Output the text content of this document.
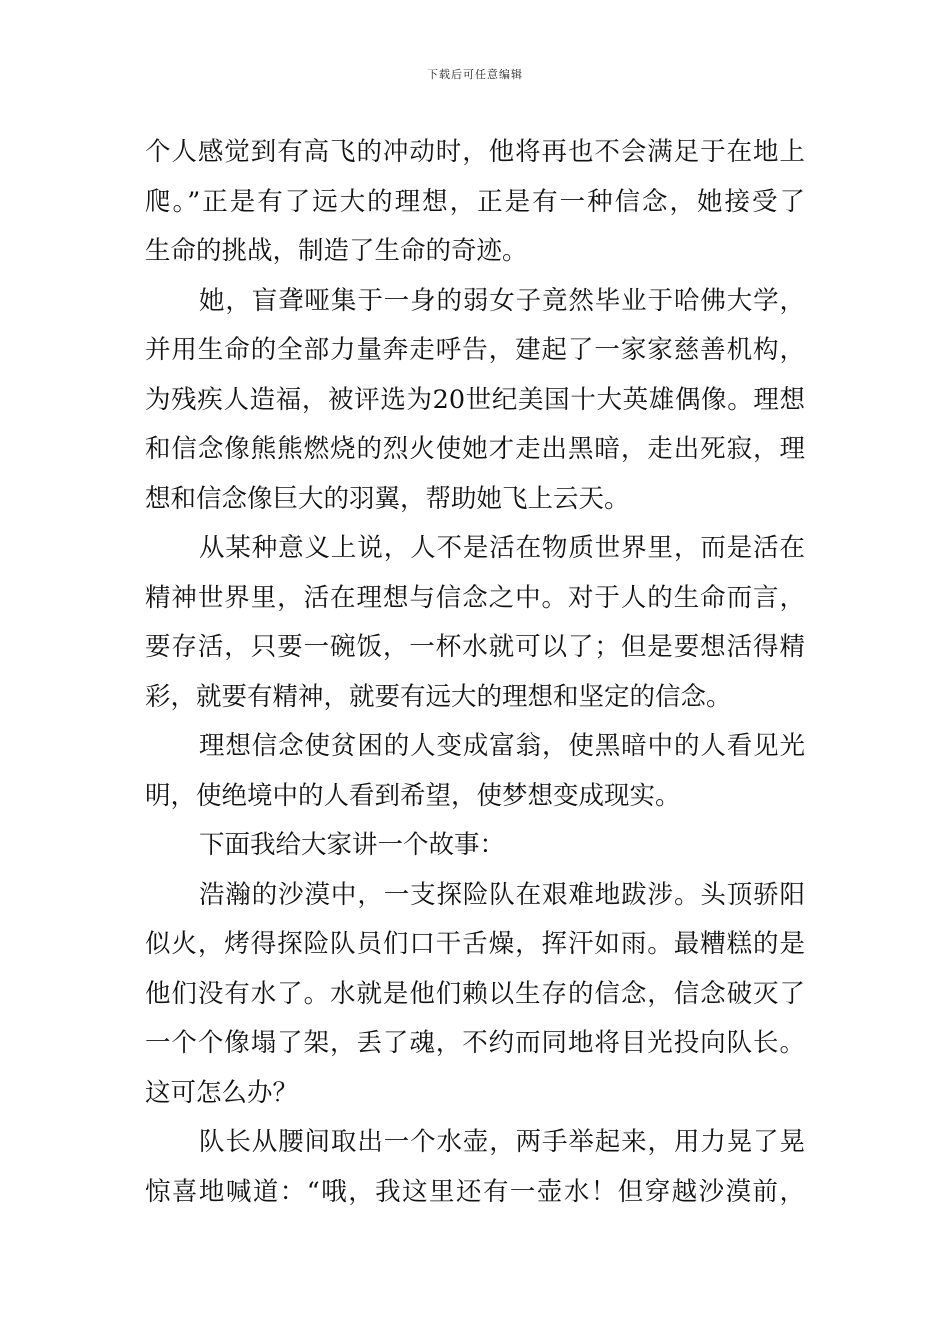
下载后可任意编辑
个人感觉到有高飞的冲动时，他将再也不会满足于在地上
爬。”正是有了远大的理想，正是有一种信念，她接受了
生命的挑战，制造了生命的奇迹。
她，盲聋哑集于一身的弱女子竟然毕业于哈佛大学，
并用生命的全部力量奔走呼告，建起了一家家慈善机构，
为残疾人造福，被评选为20世纪美国十大英雄偶像。理想
和信念像熊熊燃烧的烈火使她才走出黑暗，走出死寂，理
想和信念像巨大的羽翼，帮助她飞上云天。
从某种意义上说，人不是活在物质世界里，而是活在
精神世界里，活在理想与信念之中。对于人的生命而言，
要存活，只要一碗饭，一杯水就可以了；但是要想活得精
彩，就要有精神，就要有远大的理想和坚定的信念。
理想信念使贫困的人变成富翁，使黑暗中的人看见光
明，使绝境中的人看到希望，使梦想变成现实。
下面我给大家讲一个故事：
浩瀚的沙漠中，一支探险队在艰难地跋涉。头顶骄阳
似火，烤得探险队员们口干舌燥，挥汗如雨。最糟糕的是
他们没有水了。水就是他们赖以生存的信念，信念破灭了
一个个像塌了架，丢了魂，不约而同地将目光投向队长。
这可怎么办？
队长从腰间取出一个水壶，两手举起来，用力晃了晃
惊喜地喊道：“哦，我这里还有一壶水！但穿越沙漠前，
